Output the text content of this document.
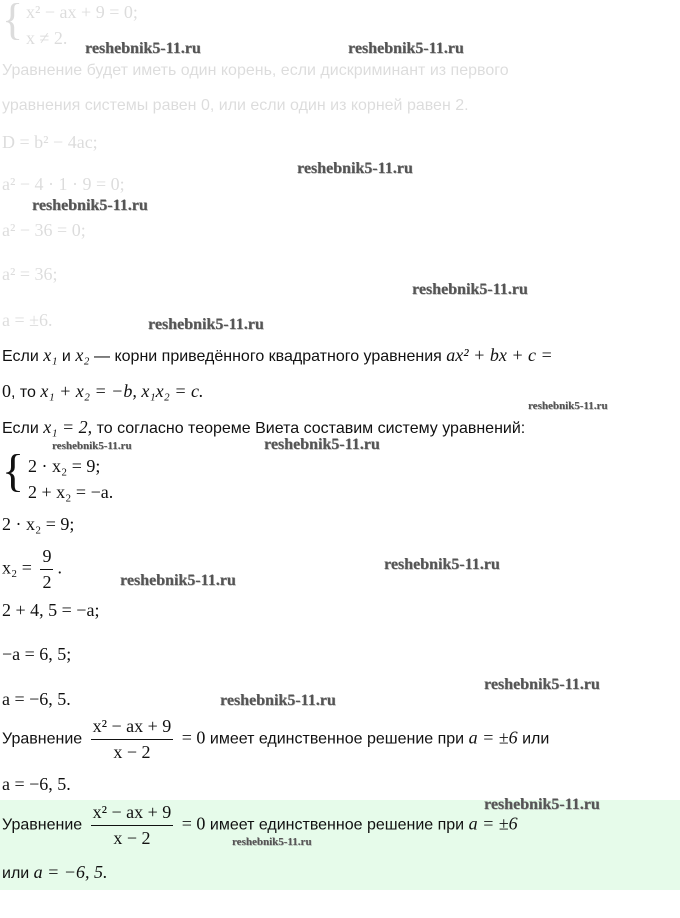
{ x² − ax + 9 = 0;
x ≠ 2.
Уравнение будет иметь один корень, если дискриминант из первого
уравнения системы равен 0, или если один из корней равен 2.
D = b² − 4ac;
a² − 4 · 1 · 9 = 0;
a² − 36 = 0;
a² = 36;
a = ±6.
Если x₁ и x₂ — корни приведённого квадратного уравнения ax² + bx + c =
0, то x₁ + x₂ = −b, x₁x₂ = c.
Если x₁ = 2, то согласно теореме Виета составим систему уравнений:
{ 2 · x₂ = 9;
2 + x₂ = −a.
2 · x₂ = 9;
$x_2 = \frac{9}{2}$ .
2 + 4, 5 = −a;
−a = 6, 5;
a = −6, 5.
Уравнение $\frac{\text{x² − ax + 9}}{x - 2} = 0$ имеет единственное решение при a = ±6 или
a = −6, 5.
Уравнение $\frac{\text{x² − ax + 9}}{x - 2} = 0$ имеет единственное решение при a = ±6
или a = −6, 5.
reshebnik5-11.ru	reshebnik5-11.ru
reshebnik5-11.ru
reshebnik5-11.ru
reshebnik5-11.ru
reshebnik5-11.ru
reshebnik5-11.ru
reshebnik5-11.ru	reshebnik5-11.ru
reshebnik5-11.ru
reshebnik5-11.ru
reshebnik5-11.ru
reshebnik5-11.ru
reshebnik5-11.ru
reshebnik5-11.ru
